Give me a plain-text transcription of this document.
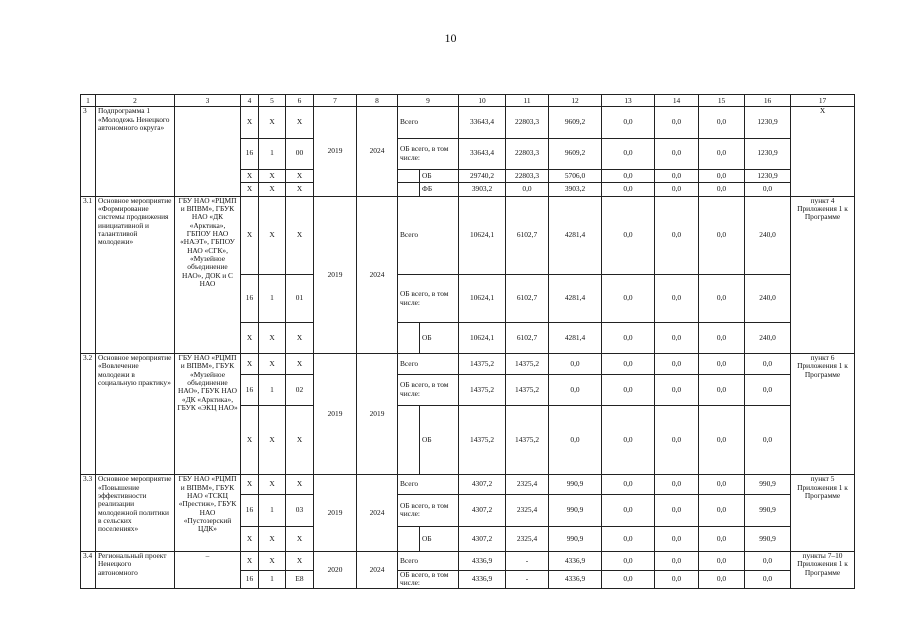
10
1	2	3	4	5	6	7	8	9		10	11	12	13	14	15	16	17
3	Подпрограмма 1 «Молодежь Ненецкого автономного округа»		Х	Х	Х	2019	2024	Всего		33643,4	22803,3	9609,2	0,0	0,0	0,0	1230,9	Х
			16	1	00			ОБ всего, в том числе:		33643,4	22803,3	9609,2	0,0	0,0	0,0	1230,9	
			Х	Х	Х				ОБ	29740,2	22803,3	5706,0	0,0	0,0	0,0	1230,9	
			Х	Х	Х				ФБ	3903,2	0,0	3903,2	0,0	0,0	0,0	0,0	
3.1	Основное мероприятие «Формирование системы продвижения инициативной и талантливой молодежи»	ГБУ НАО «РЦМП и ВПВМ», ГБУК НАО «ДК «Арктика», ГБПОУ НАО «НАЭТ», ГБПОУ НАО «СГК», «Музейное объединение НАО», ДОК и С НАО	Х	Х	Х	2019	2024	Всего		10624,1	6102,7	4281,4	0,0	0,0	0,0	240,0	пункт 4 Приложения 1 к Программе
			16	1	01			ОБ всего, в том числе:		10624,1	6102,7	4281,4	0,0	0,0	0,0	240,0	
			Х	Х	Х				ОБ	10624,1	6102,7	4281,4	0,0	0,0	0,0	240,0	
3.2	Основное мероприятие «Вовлечение молодежи в социальную практику»	ГБУ НАО «РЦМП и ВПВМ», ГБУК «Музейное объединение НАО», ГБУК НАО «ДК «Арктика», ГБУК «ЭКЦ НАО»	Х	Х	Х	2019	2019	Всего		14375,2	14375,2	0,0	0,0	0,0	0,0	0,0	пункт 6 Приложения 1 к Программе
			16	1	02			ОБ всего, в том числе:		14375,2	14375,2	0,0	0,0	0,0	0,0	0,0	
			Х	Х	Х				ОБ	14375,2	14375,2	0,0	0,0	0,0	0,0	0,0	
3.3	Основное мероприятие «Повышение эффективности реализации молодежной политики в сельских поселениях»	ГБУ НАО «РЦМП и ВПВМ», ГБУК НАО «ТСКЦ «Престиж», ГБУК НАО «Пустозерский ЦДК»	Х	Х	Х	2019	2024	Всего		4307,2	2325,4	990,9	0,0	0,0	0,0	990,9	пункт 5 Приложения 1 к Программе
			16	1	03			ОБ всего, в том числе:		4307,2	2325,4	990,9	0,0	0,0	0,0	990,9	
			Х	Х	Х				ОБ	4307,2	2325,4	990,9	0,0	0,0	0,0	990,9	
3.4	Региональный проект Ненецкого автономного	–	Х	Х	Х	2020	2024	Всего		4336,9	-	4336,9	0,0	0,0	0,0	0,0	пункты 7–10 Приложения 1 к Программе
			16	1	Е8			ОБ всего, в том числе:		4336,9	-	4336,9	0,0	0,0	0,0	0,0	
